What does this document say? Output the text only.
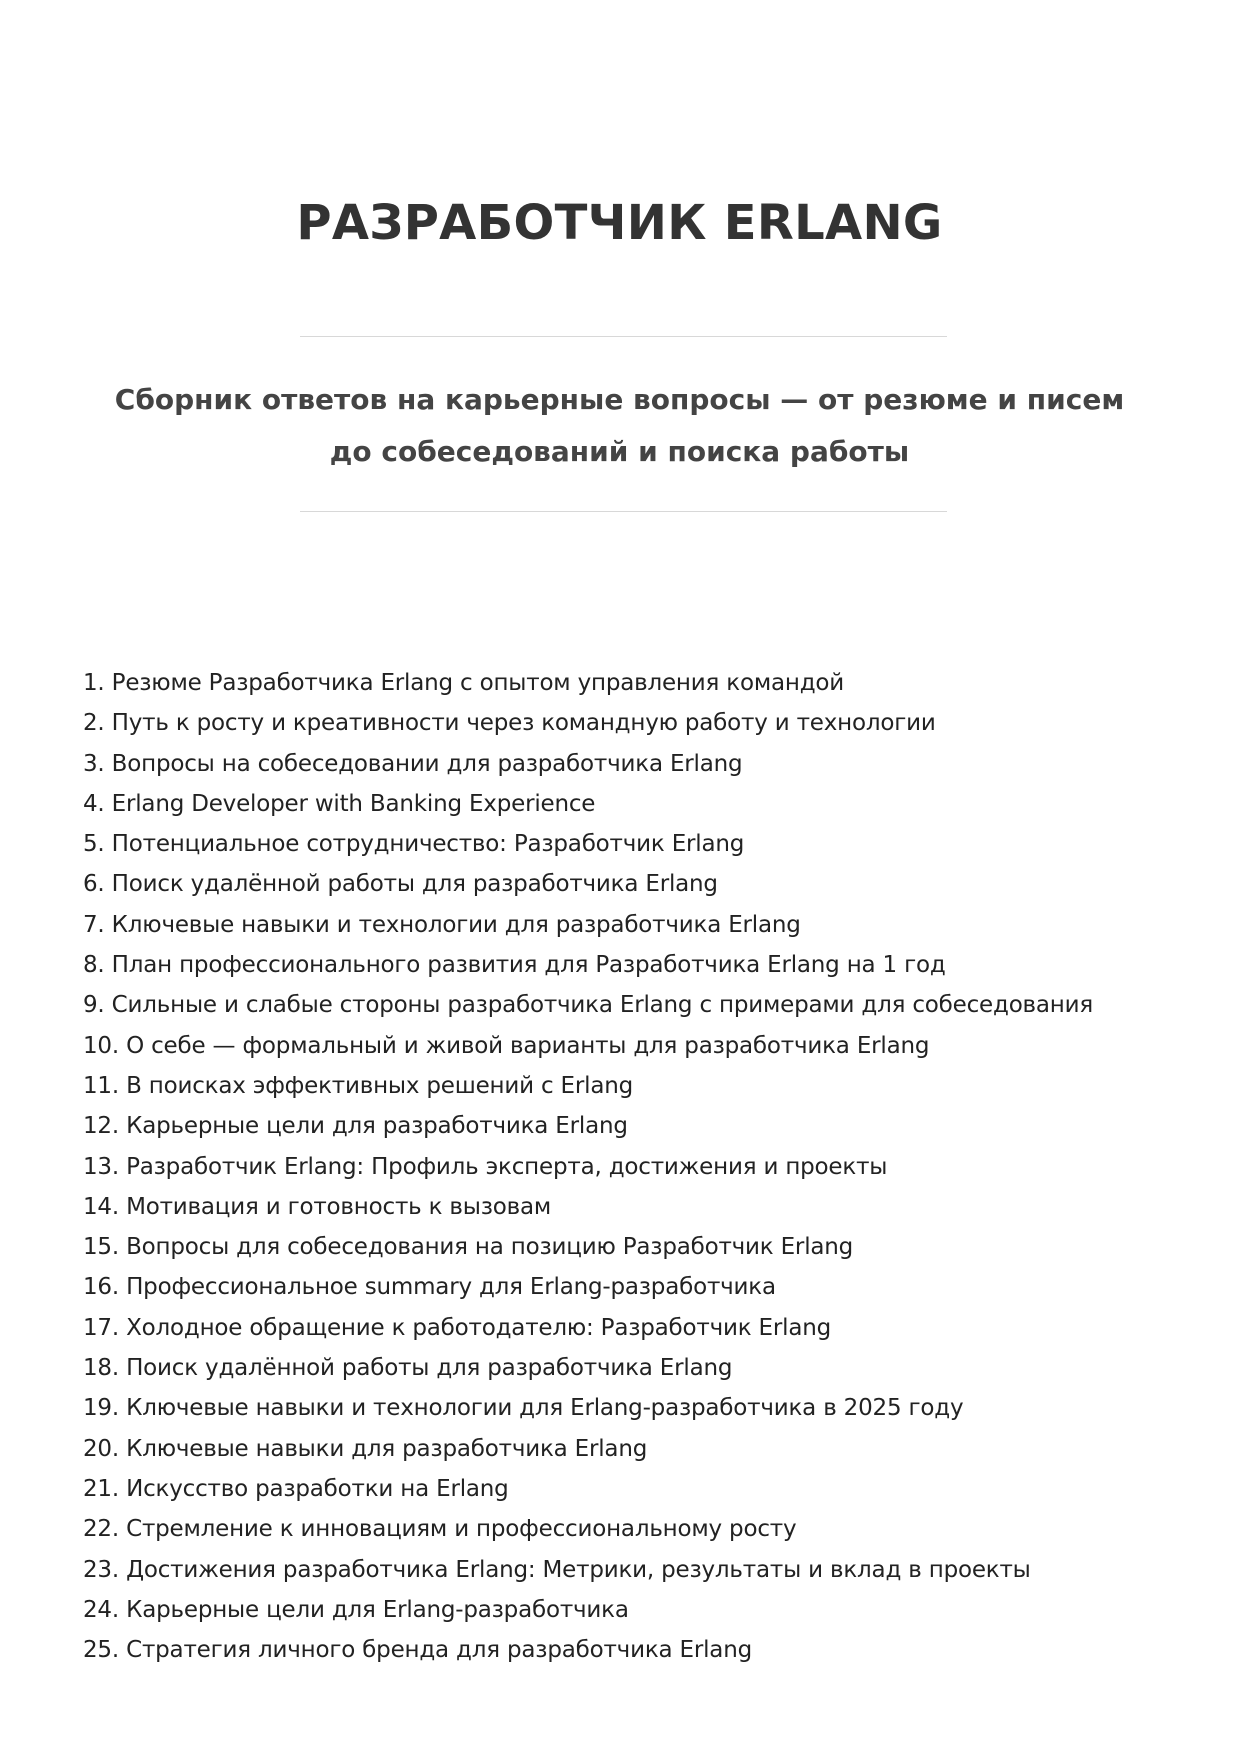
РАЗРАБОТЧИК ERLANG

Сборник ответов на карьерные вопросы — от резюме и писем до собеседований и поиска работы

1. Резюме Разработчика Erlang с опытом управления командой
2. Путь к росту и креативности через командную работу и технологии
3. Вопросы на собеседовании для разработчика Erlang
4. Erlang Developer with Banking Experience
5. Потенциальное сотрудничество: Разработчик Erlang
6. Поиск удалённой работы для разработчика Erlang
7. Ключевые навыки и технологии для разработчика Erlang
8. План профессионального развития для Разработчика Erlang на 1 год
9. Сильные и слабые стороны разработчика Erlang с примерами для собеседования
10. О себе — формальный и живой варианты для разработчика Erlang
11. В поисках эффективных решений с Erlang
12. Карьерные цели для разработчика Erlang
13. Разработчик Erlang: Профиль эксперта, достижения и проекты
14. Мотивация и готовность к вызовам
15. Вопросы для собеседования на позицию Разработчик Erlang
16. Профессиональное summary для Erlang-разработчика
17. Холодное обращение к работодателю: Разработчик Erlang
18. Поиск удалённой работы для разработчика Erlang
19. Ключевые навыки и технологии для Erlang-разработчика в 2025 году
20. Ключевые навыки для разработчика Erlang
21. Искусство разработки на Erlang
22. Стремление к инновациям и профессиональному росту
23. Достижения разработчика Erlang: Метрики, результаты и вклад в проекты
24. Карьерные цели для Erlang-разработчика
25. Стратегия личного бренда для разработчика Erlang
